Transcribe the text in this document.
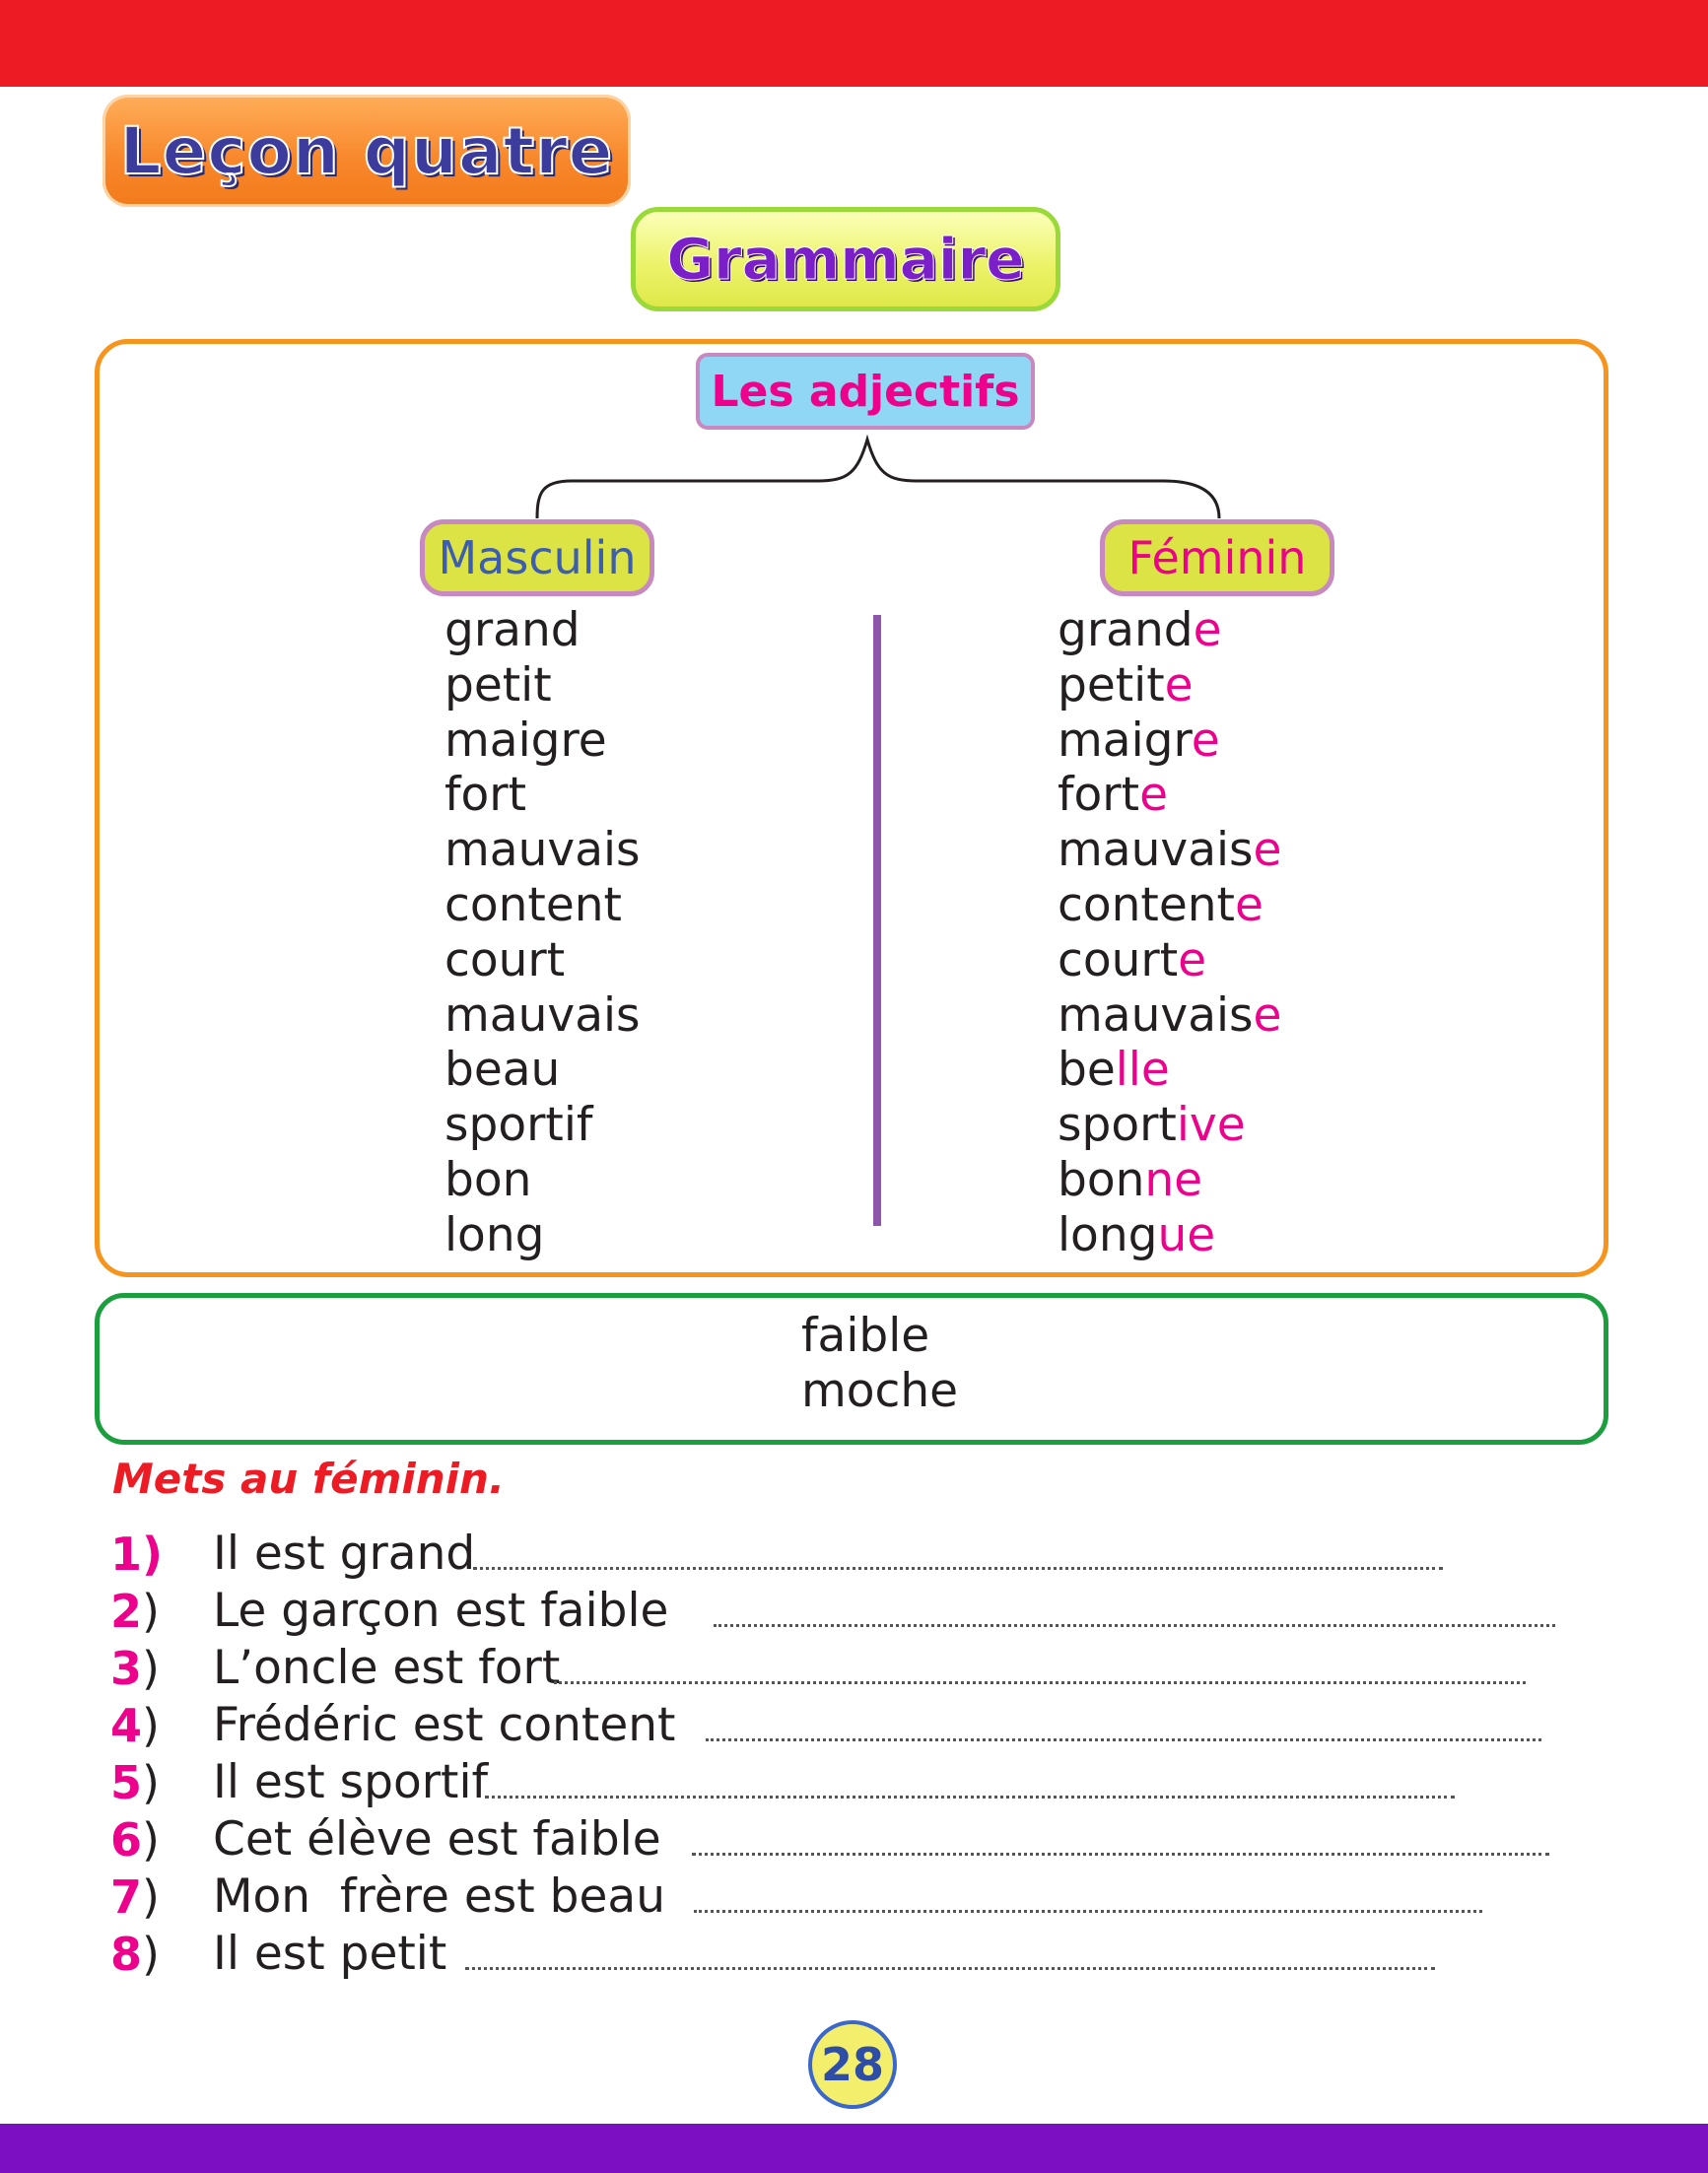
Leçon quatre
Grammaire
Les adjectifs
Masculin	Féminin
grand
petit
maigre
fort
mauvais
content
court
mauvais
beau
sportif
bon
long
grande
petite
maigre
forte
mauvaise
contente
courte
mauvaise
belle
sportive
bonne
longue
faible
moche
Mets au féminin.
1) Il est grand
2) Le garçon est faible
3) L’oncle est fort
4) Frédéric est content
5) Il est sportif
6) Cet élève est faible
7) Mon  frère est beau
8) Il est petit
28
